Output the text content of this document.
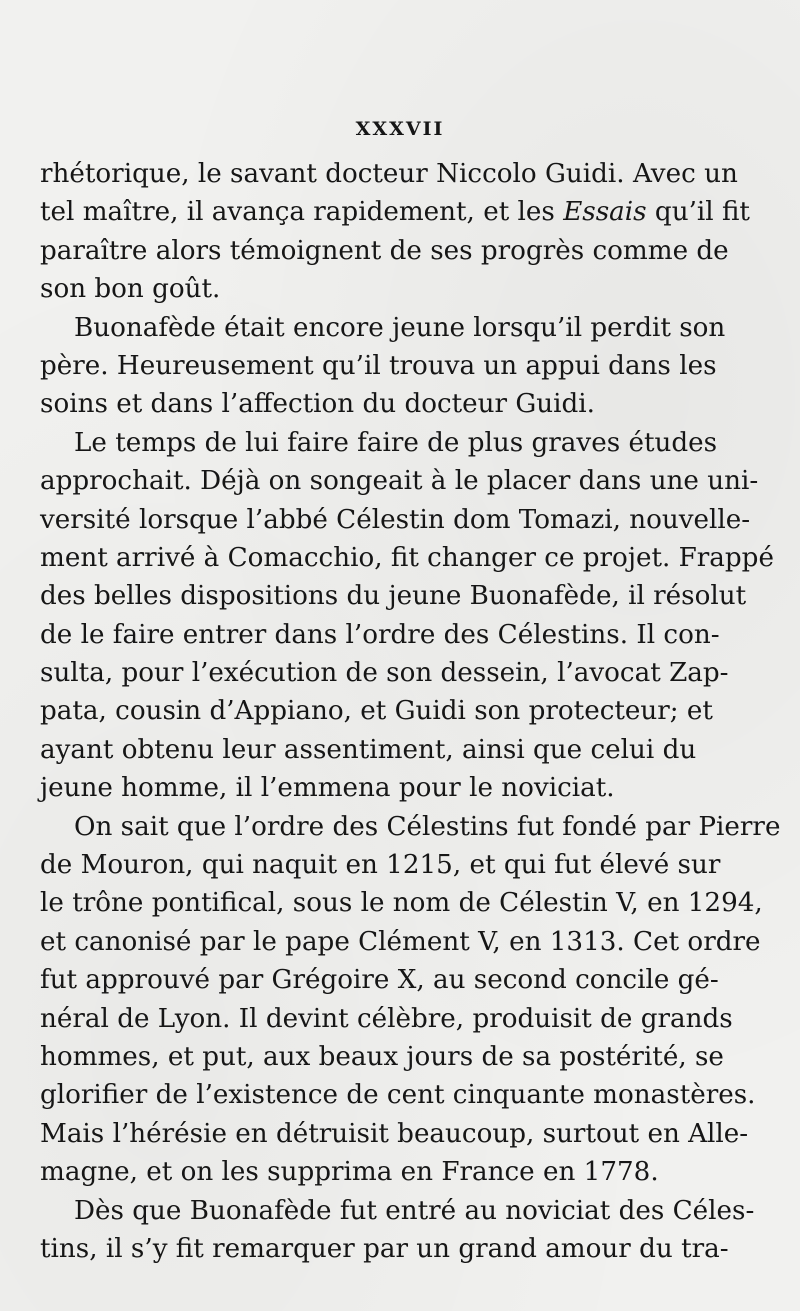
XXXVII
rhétorique, le savant docteur Niccolo Guidi. Avec un
tel maître, il avança rapidement, et les Essais qu’il fit
paraître alors témoignent de ses progrès comme de
son bon goût.
Buonafède était encore jeune lorsqu’il perdit son
père. Heureusement qu’il trouva un appui dans les
soins et dans l’affection du docteur Guidi.
Le temps de lui faire faire de plus graves études
approchait. Déjà on songeait à le placer dans une uni-
versité lorsque l’abbé Célestin dom Tomazi, nouvelle-
ment arrivé à Comacchio, fit changer ce projet. Frappé
des belles dispositions du jeune Buonafède, il résolut
de le faire entrer dans l’ordre des Célestins. Il con-
sulta, pour l’exécution de son dessein, l’avocat Zap-
pata, cousin d’Appiano, et Guidi son protecteur; et
ayant obtenu leur assentiment, ainsi que celui du
jeune homme, il l’emmena pour le noviciat.
On sait que l’ordre des Célestins fut fondé par Pierre
de Mouron, qui naquit en 1215, et qui fut élevé sur
le trône pontifical, sous le nom de Célestin V, en 1294,
et canonisé par le pape Clément V, en 1313. Cet ordre
fut approuvé par Grégoire X, au second concile gé-
néral de Lyon. Il devint célèbre, produisit de grands
hommes, et put, aux beaux jours de sa postérité, se
glorifier de l’existence de cent cinquante monastères.
Mais l’hérésie en détruisit beaucoup, surtout en Alle-
magne, et on les supprima en France en 1778.
Dès que Buonafède fut entré au noviciat des Céles-
tins, il s’y fit remarquer par un grand amour du tra-
